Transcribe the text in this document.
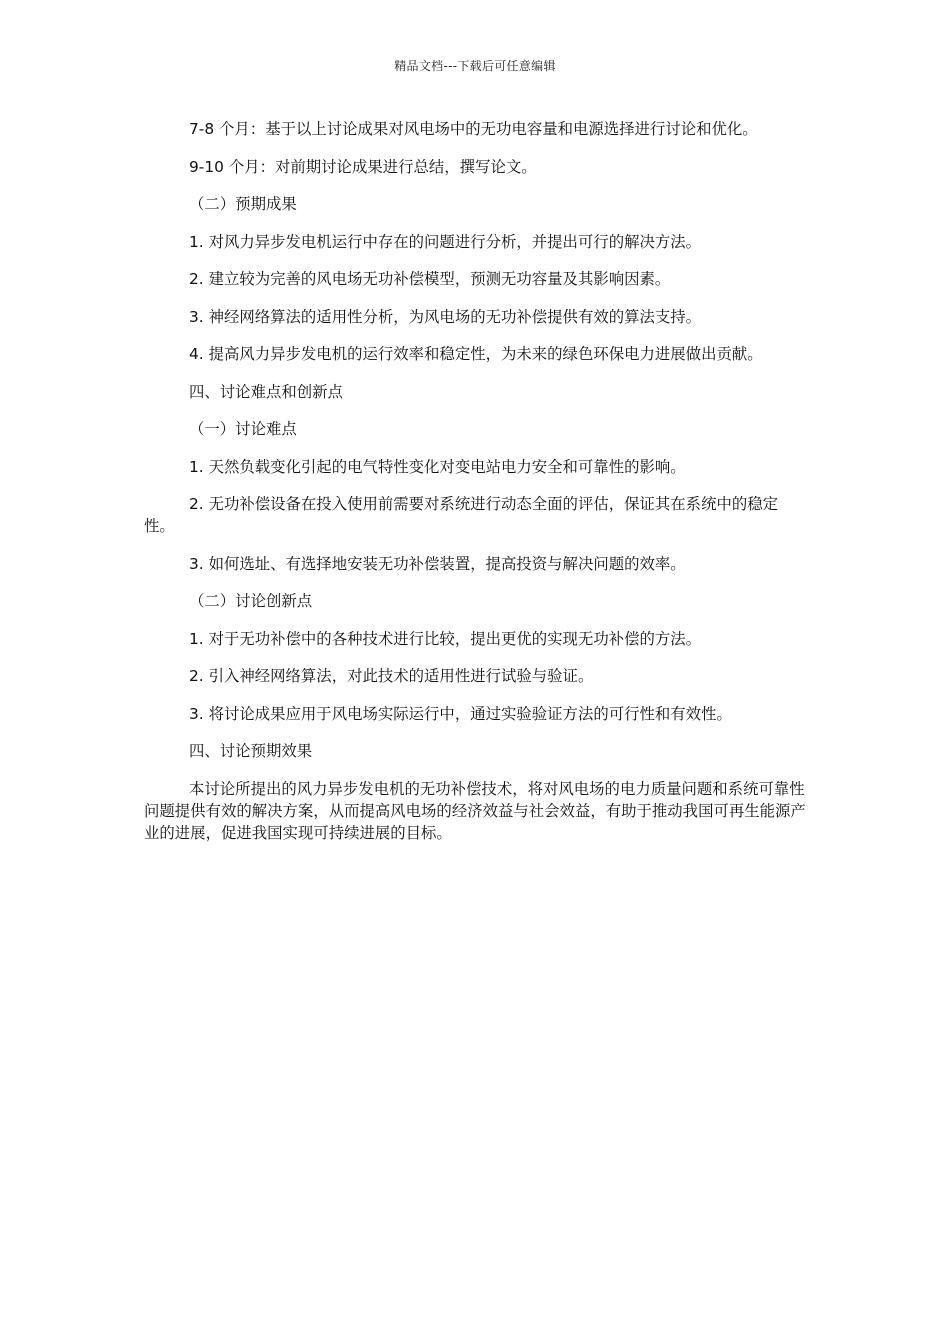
精品文档---下载后可任意编辑

7-8 个月：基于以上讨论成果对风电场中的无功电容量和电源选择进行讨论和优化。

9-10 个月：对前期讨论成果进行总结，撰写论文。

（二）预期成果

1. 对风力异步发电机运行中存在的问题进行分析，并提出可行的解决方法。

2. 建立较为完善的风电场无功补偿模型，预测无功容量及其影响因素。

3. 神经网络算法的适用性分析，为风电场的无功补偿提供有效的算法支持。

4. 提高风力异步发电机的运行效率和稳定性，为未来的绿色环保电力进展做出贡献。

四、讨论难点和创新点

（一）讨论难点

1. 天然负载变化引起的电气特性变化对变电站电力安全和可靠性的影响。

2. 无功补偿设备在投入使用前需要对系统进行动态全面的评估，保证其在系统中的稳定性。

3. 如何选址、有选择地安装无功补偿装置，提高投资与解决问题的效率。

（二）讨论创新点

1. 对于无功补偿中的各种技术进行比较，提出更优的实现无功补偿的方法。

2. 引入神经网络算法，对此技术的适用性进行试验与验证。

3. 将讨论成果应用于风电场实际运行中，通过实验验证方法的可行性和有效性。

四、讨论预期效果

本讨论所提出的风力异步发电机的无功补偿技术，将对风电场的电力质量问题和系统可靠性问题提供有效的解决方案，从而提高风电场的经济效益与社会效益，有助于推动我国可再生能源产业的进展，促进我国实现可持续进展的目标。
